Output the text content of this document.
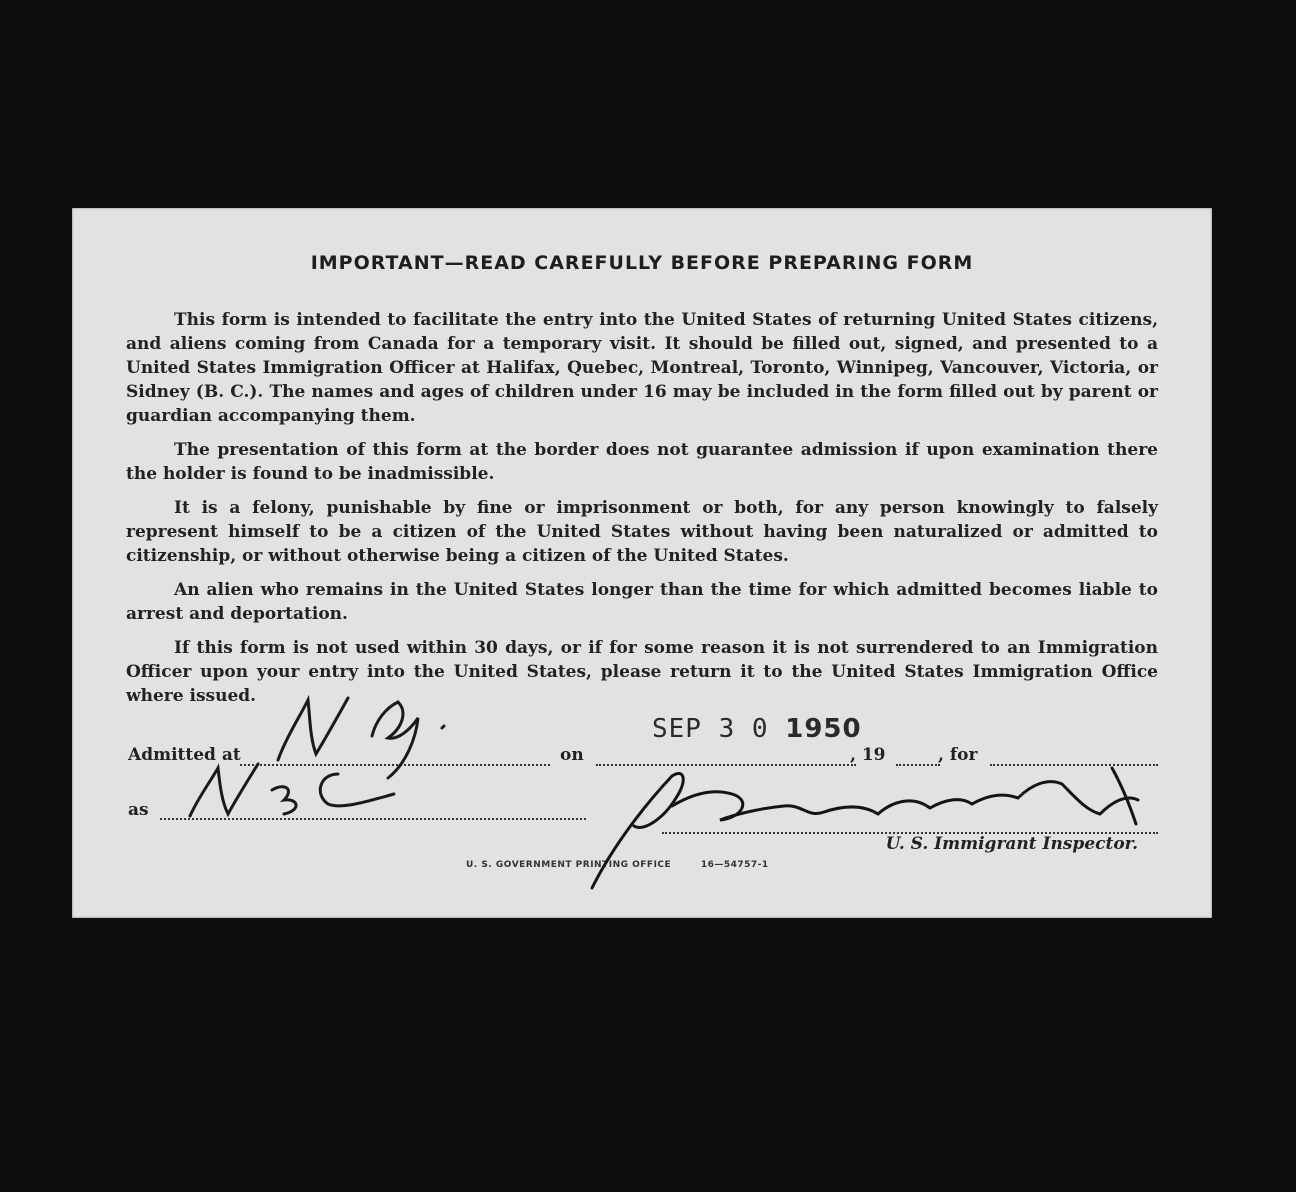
IMPORTANT—READ CAREFULLY BEFORE PREPARING FORM

This form is intended to facilitate the entry into the United States of returning United States citizens, and aliens coming from Canada for a temporary visit. It should be filled out, signed, and presented to a United States Immigration Officer at Halifax, Quebec, Montreal, Toronto, Winnipeg, Vancouver, Victoria, or Sidney (B. C.). The names and ages of children under 16 may be included in the form filled out by parent or guardian accompanying them.

The presentation of this form at the border does not guarantee admission if upon examination there the holder is found to be inadmissible.

It is a felony, punishable by fine or imprisonment or both, for any person knowingly to falsely represent himself to be a citizen of the United States without having been naturalized or admitted to citizenship, or without otherwise being a citizen of the United States.

An alien who remains in the United States longer than the time for which admitted becomes liable to arrest and deportation.

If this form is not used within 30 days, or if for some reason it is not surrendered to an Immigration Officer upon your entry into the United States, please return it to the United States Immigration Office where issued.

Admitted at	on	, 19	, for
as
SEP 3 0 1950
U. S. Immigrant Inspector.
U. S. GOVERNMENT PRINTING OFFICE	16—54757-1
